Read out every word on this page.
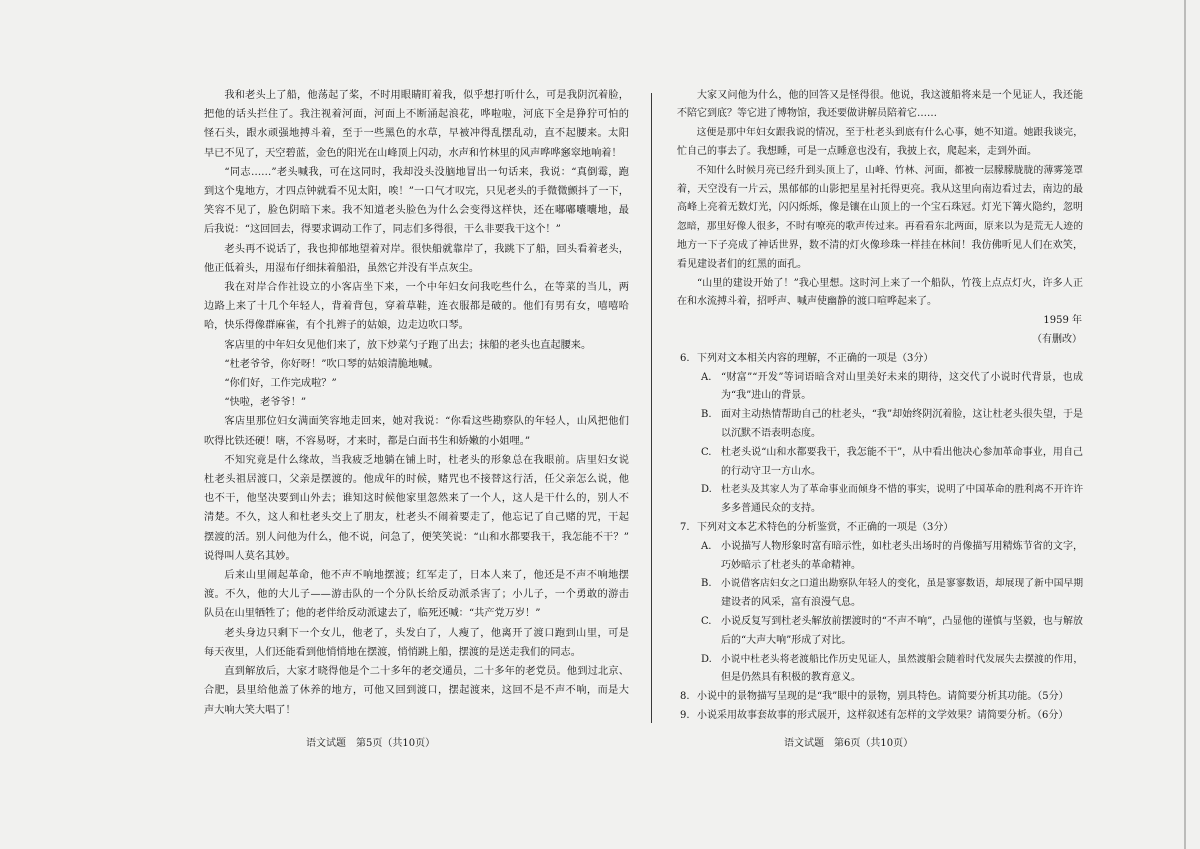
我和老头上了船，他荡起了桨，不时用眼睛盯着我，似乎想打听什么，可是我阴沉着脸，
把他的话头拦住了。我注视着河面，河面上不断涌起浪花，哗啦啦，河底下全是狰狞可怕的
怪石头，跟水顽强地搏斗着，至于一些黑色的水草，早被冲得乱摆乱动，直不起腰来。太阳
早已不见了，天空碧蓝，金色的阳光在山峰顶上闪动，水声和竹林里的风声哗哗窸窣地响着！
“同志……”老头喊我，可在这同时，我却没头没脑地冒出一句话来，我说：“真倒霉，跑
到这个鬼地方，才四点钟就看不见太阳，唉！”一口气才叹完，只见老头的手微微颤抖了一下，
笑容不见了，脸色阴暗下来。我不知道老头脸色为什么会变得这样快，还在嘟嘟囔囔地，最
后我说：“这回回去，得要求调动工作了，同志们多得很，干么非要我干这个！”
老头再不说话了，我也抑郁地望着对岸。很快船就靠岸了，我跳下了船，回头看着老头，
他正低着头，用湿布仔细抹着船沿，虽然它并没有半点灰尘。
我在对岸合作社设立的小客店坐下来，一个中年妇女问我吃些什么，在等菜的当儿，两
边路上来了十几个年轻人，背着背包，穿着草鞋，连衣服都是破的。他们有男有女，嘻嘻哈
哈，快乐得像群麻雀，有个扎辫子的姑娘，边走边吹口琴。
客店里的中年妇女见他们来了，放下炒菜勺子跑了出去；抹船的老头也直起腰来。
“杜老爷爷，你好呀！”吹口琴的姑娘清脆地喊。
“你们好，工作完成啦？”
“快啦，老爷爷！”
客店里那位妇女满面笑容地走回来，她对我说：“你看这些勘察队的年轻人，山风把他们
吹得比铁还硬！嗐，不容易呀，才来时，都是白面书生和娇嫩的小姐哩。”
不知究竟是什么缘故，当我疲乏地躺在铺上时，杜老头的形象总在我眼前。店里妇女说
杜老头祖居渡口，父亲是摆渡的。他成年的时候，赌咒也不接替这行活，任父亲怎么说，他
也不干，他坚决要到山外去；谁知这时候他家里忽然来了一个人，这人是干什么的，别人不
清楚。不久，这人和杜老头交上了朋友，杜老头不闹着要走了，他忘记了自己赌的咒，干起
摆渡的活。别人问他为什么，他不说，问急了，便笑笑说：“山和水都要我干，我怎能不干？”
说得叫人莫名其妙。
后来山里闹起革命，他不声不响地摆渡；红军走了，日本人来了，他还是不声不响地摆
渡。不久，他的大儿子——游击队的一个分队长给反动派杀害了；小儿子，一个勇敢的游击
队员在山里牺牲了；他的老伴给反动派逮去了，临死还喊：“共产党万岁！”
老头身边只剩下一个女儿，他老了，头发白了，人瘦了，他离开了渡口跑到山里，可是
每天夜里，人们还能看到他悄悄地在摆渡，悄悄跳上船，摆渡的是送走我们的同志。
直到解放后，大家才晓得他是个二十多年的老交通员，二十多年的老党员。他到过北京、
合肥，县里给他盖了休养的地方，可他又回到渡口，摆起渡来，这回不是不声不响，而是大
声大响大笑大唱了！
大家又问他为什么，他的回答又是怪得很。他说，我这渡船将来是一个见证人，我还能
不陪它到底？等它进了博物馆，我还要做讲解员陪着它……
这便是那中年妇女跟我说的情况，至于杜老头到底有什么心事，她不知道。她跟我谈完，
忙自己的事去了。我想睡，可是一点睡意也没有，我披上衣，爬起来，走到外面。
不知什么时候月亮已经升到头顶上了，山峰、竹林、河面，都被一层朦朦胧胧的薄雾笼罩
着，天空没有一片云，黑郁郁的山影把星星衬托得更亮。我从这里向南边看过去，南边的最
高峰上亮着无数灯光，闪闪烁烁，像是镶在山顶上的一个宝石珠冠。灯光下篝火隐约，忽明
忽暗，那里好像人很多，不时有嘹亮的歌声传过来。再看看东北两面，原来以为是荒无人迹的
地方一下子亮成了神话世界，数不清的灯火像珍珠一样挂在林间！我仿佛听见人们在欢笑，
看见建设者们的红黑的面孔。
“山里的建设开始了！”我心里想。这时河上来了一个船队，竹筏上点点灯火，许多人正
在和水流搏斗着，招呼声、喊声使幽静的渡口喧哗起来了。
1959 年
（有删改）
6. 下列对文本相关内容的理解，不正确的一项是（3分）
A. “财富”“开发”等词语暗含对山里美好未来的期待，这交代了小说时代背景，也成
为“我”进山的背景。
B. 面对主动热情帮助自己的杜老头，“我”却始终阴沉着脸，这让杜老头很失望，于是
以沉默不语表明态度。
C. 杜老头说“山和水都要我干，我怎能不干”，从中看出他决心参加革命事业，用自己
的行动守卫一方山水。
D. 杜老头及其家人为了革命事业而倾身不惜的事实，说明了中国革命的胜利离不开许许
多多普通民众的支持。
7. 下列对文本艺术特色的分析鉴赏，不正确的一项是（3分）
A. 小说描写人物形象时富有暗示性，如杜老头出场时的肖像描写用精炼节省的文字，
巧妙暗示了杜老头的革命精神。
B. 小说借客店妇女之口道出勘察队年轻人的变化，虽是寥寥数语，却展现了新中国早期
建设者的风采，富有浪漫气息。
C. 小说反复写到杜老头解放前摆渡时的“不声不响”，凸显他的谨慎与坚毅，也与解放
后的“大声大响”形成了对比。
D. 小说中杜老头将老渡船比作历史见证人，虽然渡船会随着时代发展失去摆渡的作用，
但是仍然具有积极的教育意义。
8. 小说中的景物描写呈现的是“我”眼中的景物，别具特色。请简要分析其功能。（5分）
9. 小说采用故事套故事的形式展开，这样叙述有怎样的文学效果？请简要分析。（6分）
语文试题　第5页（共10页）	语文试题　第6页（共10页）
